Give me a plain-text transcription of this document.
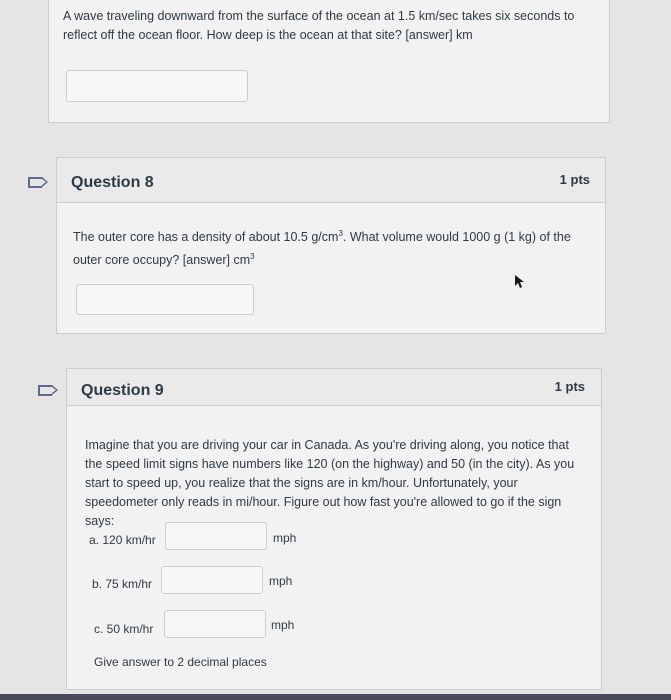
A wave traveling downward from the surface of the ocean at 1.5 km/sec takes six seconds to reflect off the ocean floor. How deep is the ocean at that site? [answer] km
Question 8	1 pts
The outer core has a density of about 10.5 $g/cm^3$. What volume would 1000 g (1 kg) of the outer core occupy? [answer] $cm^3$
Question 9	1 pts
Imagine that you are driving your car in Canada. As you're driving along, you notice that the speed limit signs have numbers like 120 (on the highway) and 50 (in the city). As you start to speed up, you realize that the signs are in km/hour. Unfortunately, your speedometer only reads in mi/hour. Figure out how fast you're allowed to go if the sign says:
a. 120 km/hr	mph
b. 75 km/hr	mph
c. 50 km/hr	mph
Give answer to 2 decimal places
